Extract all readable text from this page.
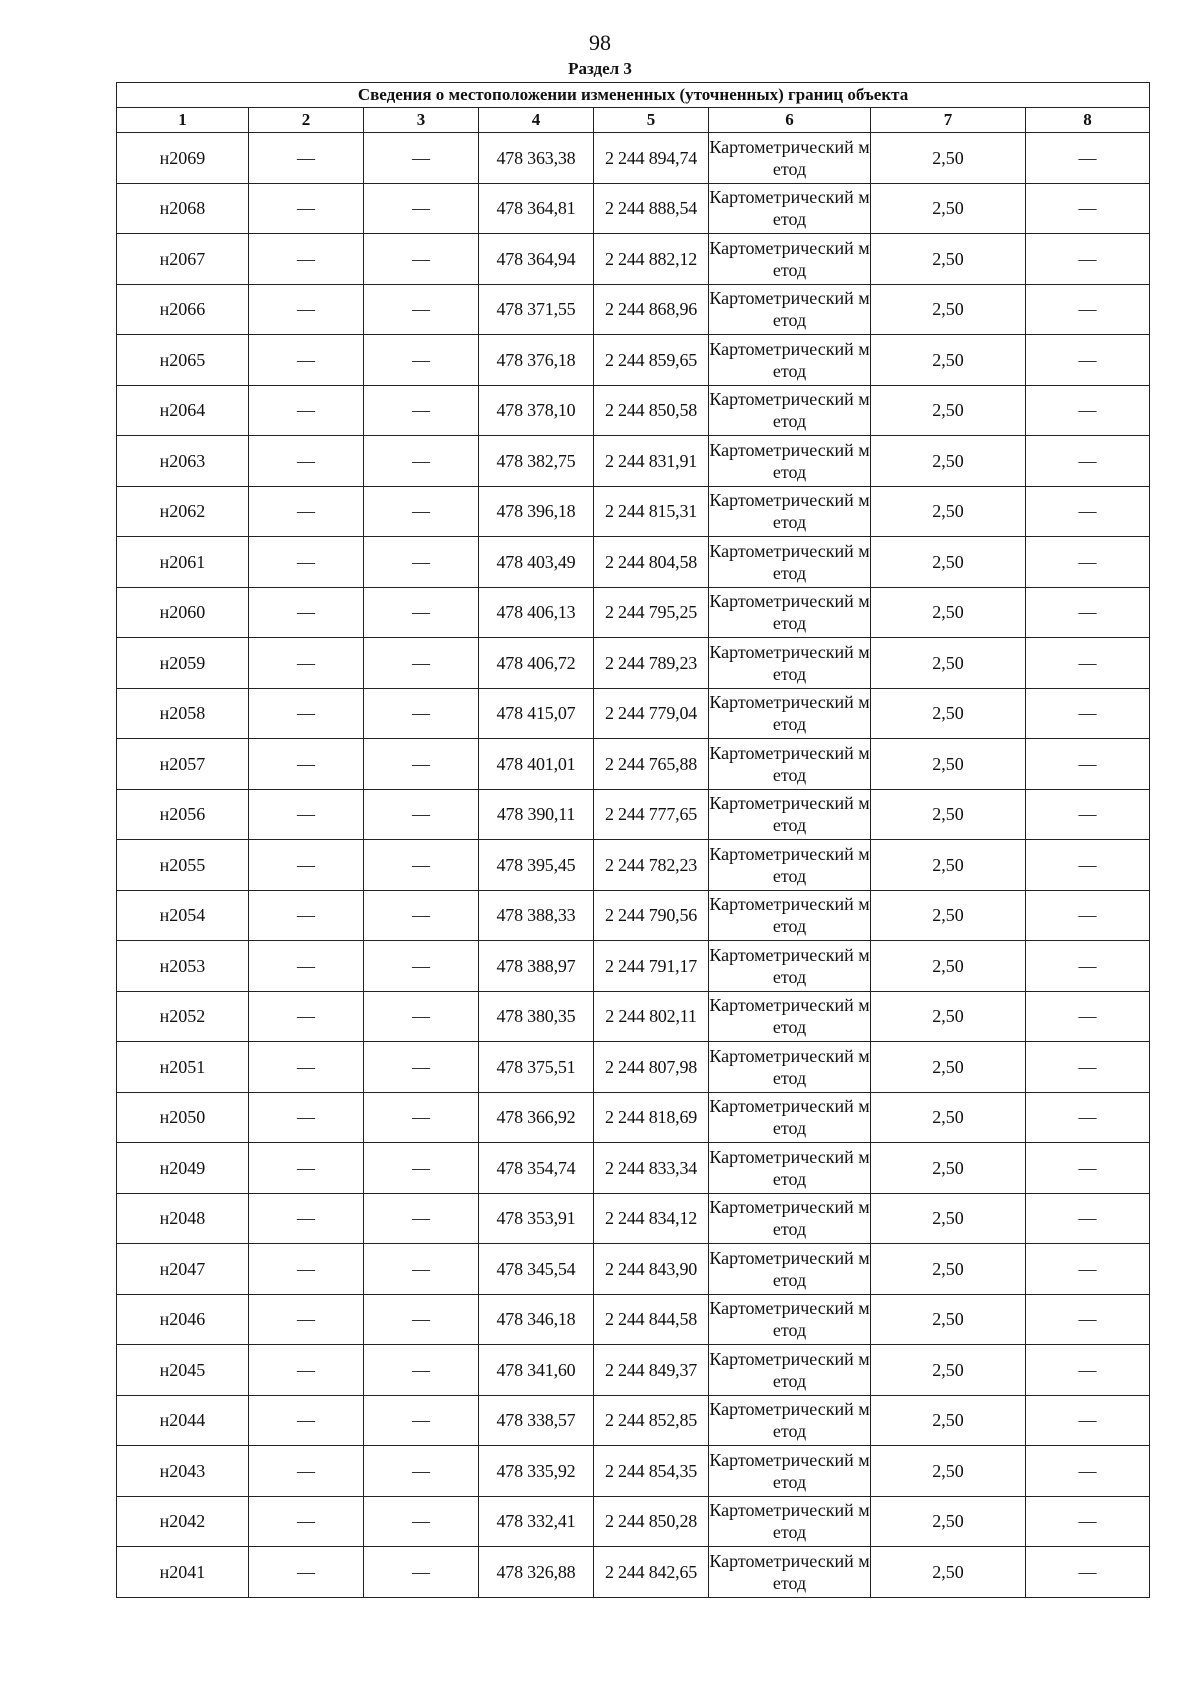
98
Раздел 3
Сведения о местоположении измененных (уточненных) границ объекта							
1	2	3	4	5	6	7	8
н2069	—	—	478 363,38	2 244 894,74	Картометрический метод	2,50	—
н2068	—	—	478 364,81	2 244 888,54	Картометрический метод	2,50	—
н2067	—	—	478 364,94	2 244 882,12	Картометрический метод	2,50	—
н2066	—	—	478 371,55	2 244 868,96	Картометрический метод	2,50	—
н2065	—	—	478 376,18	2 244 859,65	Картометрический метод	2,50	—
н2064	—	—	478 378,10	2 244 850,58	Картометрический метод	2,50	—
н2063	—	—	478 382,75	2 244 831,91	Картометрический метод	2,50	—
н2062	—	—	478 396,18	2 244 815,31	Картометрический метод	2,50	—
н2061	—	—	478 403,49	2 244 804,58	Картометрический метод	2,50	—
н2060	—	—	478 406,13	2 244 795,25	Картометрический метод	2,50	—
н2059	—	—	478 406,72	2 244 789,23	Картометрический метод	2,50	—
н2058	—	—	478 415,07	2 244 779,04	Картометрический метод	2,50	—
н2057	—	—	478 401,01	2 244 765,88	Картометрический метод	2,50	—
н2056	—	—	478 390,11	2 244 777,65	Картометрический метод	2,50	—
н2055	—	—	478 395,45	2 244 782,23	Картометрический метод	2,50	—
н2054	—	—	478 388,33	2 244 790,56	Картометрический метод	2,50	—
н2053	—	—	478 388,97	2 244 791,17	Картометрический метод	2,50	—
н2052	—	—	478 380,35	2 244 802,11	Картометрический метод	2,50	—
н2051	—	—	478 375,51	2 244 807,98	Картометрический метод	2,50	—
н2050	—	—	478 366,92	2 244 818,69	Картометрический метод	2,50	—
н2049	—	—	478 354,74	2 244 833,34	Картометрический метод	2,50	—
н2048	—	—	478 353,91	2 244 834,12	Картометрический метод	2,50	—
н2047	—	—	478 345,54	2 244 843,90	Картометрический метод	2,50	—
н2046	—	—	478 346,18	2 244 844,58	Картометрический метод	2,50	—
н2045	—	—	478 341,60	2 244 849,37	Картометрический метод	2,50	—
н2044	—	—	478 338,57	2 244 852,85	Картометрический метод	2,50	—
н2043	—	—	478 335,92	2 244 854,35	Картометрический метод	2,50	—
н2042	—	—	478 332,41	2 244 850,28	Картометрический метод	2,50	—
н2041	—	—	478 326,88	2 244 842,65	Картометрический метод	2,50	—
